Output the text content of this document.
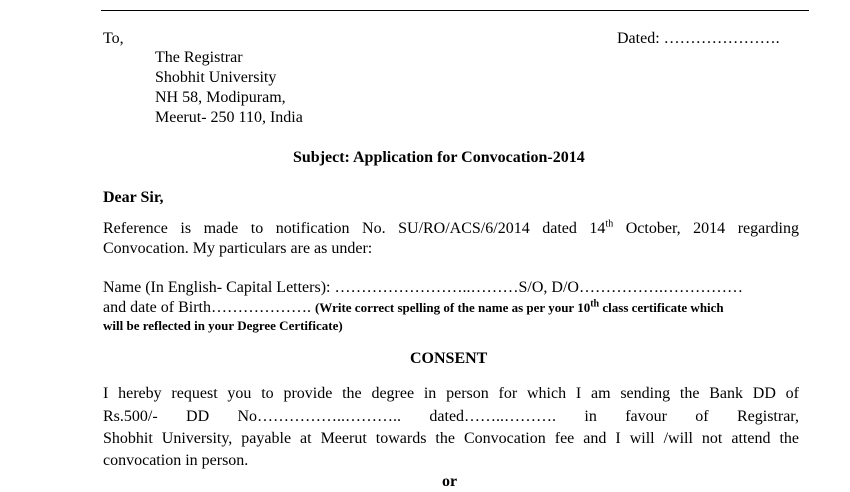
To,	Dated: ………………….
The Registrar
Shobhit University
NH 58, Modipuram,
Meerut- 250 110, India
Subject: Application for Convocation-2014
Dear Sir,
Reference is made to notification No. SU/RO/ACS/6/2014 dated 14th October, 2014 regarding
Convocation. My particulars are as under:
Name (In English- Capital Letters): ……………………..………S/O, D/O…………….……………
and date of Birth………………. (Write correct spelling of the name as per your 10th class certificate which
will be reflected in your Degree Certificate)
CONSENT
I hereby request you to provide the degree in person for which I am sending the Bank DD of
Rs.500/- DD No……………..……….. dated……..………. in favour of Registrar,
Shobhit University, payable at Meerut towards the Convocation fee and I will /will not attend the
convocation in person.
or
